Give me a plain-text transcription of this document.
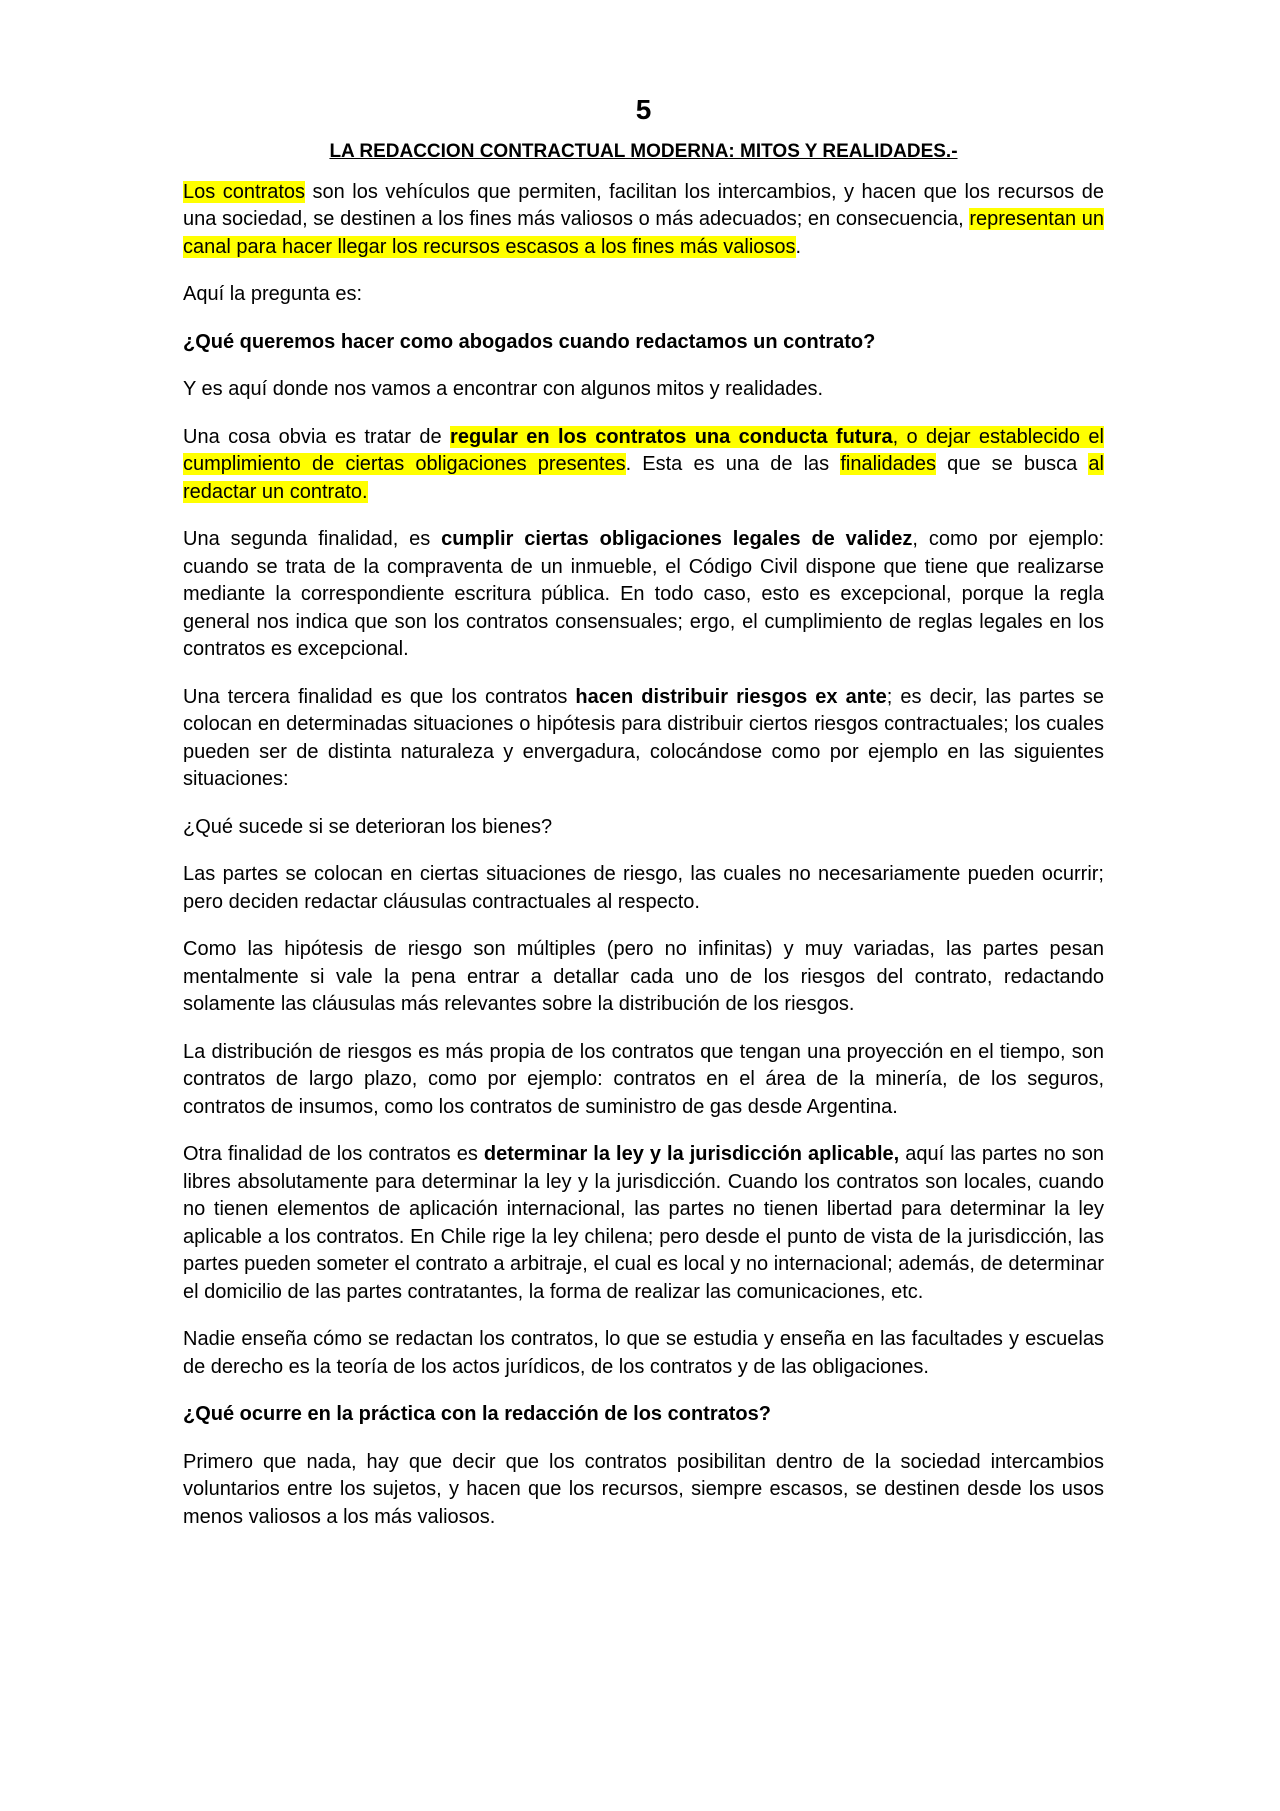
5
LA REDACCION CONTRACTUAL MODERNA: MITOS Y REALIDADES.-

Los contratos son los vehículos que permiten, facilitan los intercambios, y hacen que los recursos de una sociedad, se destinen a los fines más valiosos o más adecuados; en consecuencia, representan un canal para hacer llegar los recursos escasos a los fines más valiosos.

Aquí la pregunta es:

¿Qué queremos hacer como abogados cuando redactamos un contrato?

Y es aquí donde nos vamos a encontrar con algunos mitos y realidades.

Una cosa obvia es tratar de regular en los contratos una conducta futura, o dejar establecido el cumplimiento de ciertas obligaciones presentes. Esta es una de las finalidades que se busca al redactar un contrato.

Una segunda finalidad, es cumplir ciertas obligaciones legales de validez, como por ejemplo: cuando se trata de la compraventa de un inmueble, el Código Civil dispone que tiene que realizarse mediante la correspondiente escritura pública. En todo caso, esto es excepcional, porque la regla general nos indica que son los contratos consensuales; ergo, el cumplimiento de reglas legales en los contratos es excepcional.

Una tercera finalidad es que los contratos hacen distribuir riesgos ex ante; es decir, las partes se colocan en determinadas situaciones o hipótesis para distribuir ciertos riesgos contractuales; los cuales pueden ser de distinta naturaleza y envergadura, colocándose como por ejemplo en las siguientes situaciones:

¿Qué sucede si se deterioran los bienes?

Las partes se colocan en ciertas situaciones de riesgo, las cuales no necesariamente pueden ocurrir; pero deciden redactar cláusulas contractuales al respecto.

Como las hipótesis de riesgo son múltiples (pero no infinitas) y muy variadas, las partes pesan mentalmente si vale la pena entrar a detallar cada uno de los riesgos del contrato, redactando solamente las cláusulas más relevantes sobre la distribución de los riesgos.

La distribución de riesgos es más propia de los contratos que tengan una proyección en el tiempo, son contratos de largo plazo, como por ejemplo: contratos en el área de la minería, de los seguros, contratos de insumos, como los contratos de suministro de gas desde Argentina.

Otra finalidad de los contratos es determinar la ley y la jurisdicción aplicable, aquí las partes no son libres absolutamente para determinar la ley y la jurisdicción. Cuando los contratos son locales, cuando no tienen elementos de aplicación internacional, las partes no tienen libertad para determinar la ley aplicable a los contratos. En Chile rige la ley chilena; pero desde el punto de vista de la jurisdicción, las partes pueden someter el contrato a arbitraje, el cual es local y no internacional; además, de determinar el domicilio de las partes contratantes, la forma de realizar las comunicaciones, etc.

Nadie enseña cómo se redactan los contratos, lo que se estudia y enseña en las facultades y escuelas de derecho es la teoría de los actos jurídicos, de los contratos y de las obligaciones.

¿Qué ocurre en la práctica con la redacción de los contratos?

Primero que nada, hay que decir que los contratos posibilitan dentro de la sociedad intercambios voluntarios entre los sujetos, y hacen que los recursos, siempre escasos, se destinen desde los usos menos valiosos a los más valiosos.
